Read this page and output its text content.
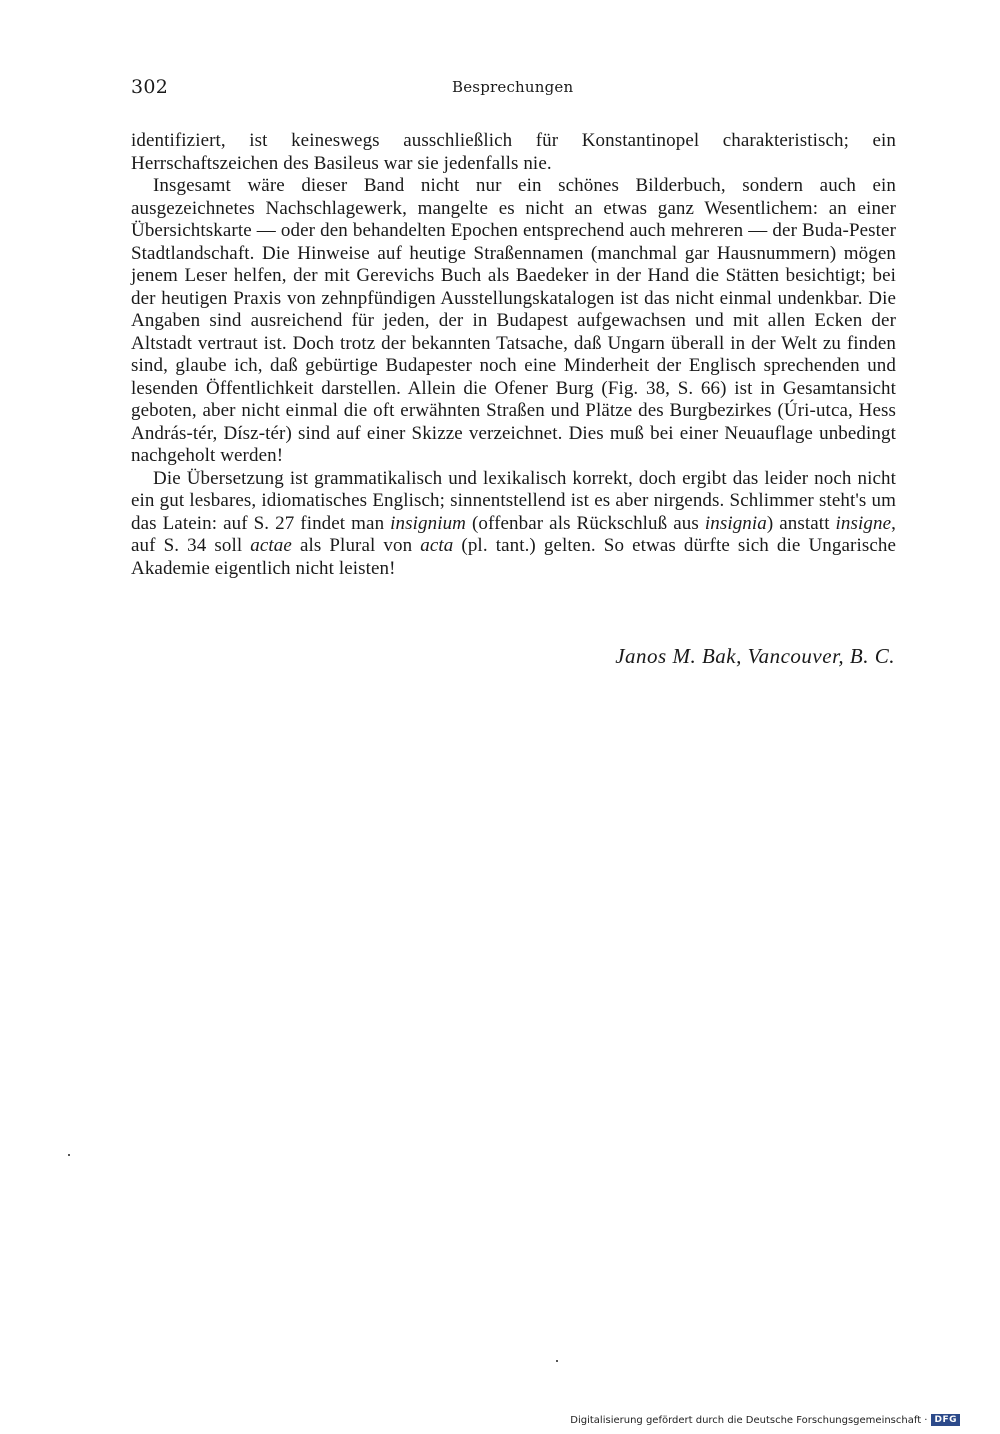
302	Besprechungen

identifiziert, ist keineswegs ausschließlich für Konstantinopel charakteristisch; ein Herrschaftszeichen des Basileus war sie jedenfalls nie.

Insgesamt wäre dieser Band nicht nur ein schönes Bilderbuch, sondern auch ein ausgezeichnetes Nachschlagewerk, mangelte es nicht an etwas ganz Wesentlichem: an einer Übersichtskarte — oder den behandelten Epochen entsprechend auch mehreren — der Buda-Pester Stadtlandschaft. Die Hinweise auf heutige Straßennamen (manchmal gar Hausnummern) mögen jenem Leser helfen, der mit Gerevichs Buch als Baedeker in der Hand die Stätten besichtigt; bei der heutigen Praxis von zehnpfündigen Ausstellungskatalogen ist das nicht einmal undenkbar. Die Angaben sind ausreichend für jeden, der in Budapest aufgewachsen und mit allen Ecken der Altstadt vertraut ist. Doch trotz der bekannten Tatsache, daß Ungarn überall in der Welt zu finden sind, glaube ich, daß gebürtige Budapester noch eine Minderheit der Englisch sprechenden und lesenden Öffentlichkeit darstellen. Allein die Ofener Burg (Fig. 38, S. 66) ist in Gesamtansicht geboten, aber nicht einmal die oft erwähnten Straßen und Plätze des Burgbezirkes (Úri-utca, Hess András-tér, Dísz-tér) sind auf einer Skizze verzeichnet. Dies muß bei einer Neuauflage unbedingt nachgeholt werden!

Die Übersetzung ist grammatikalisch und lexikalisch korrekt, doch ergibt das leider noch nicht ein gut lesbares, idiomatisches Englisch; sinnentstellend ist es aber nirgends. Schlimmer steht's um das Latein: auf S. 27 findet man insignium (offenbar als Rückschluß aus insignia) anstatt insigne, auf S. 34 soll actae als Plural von acta (pl. tant.) gelten. So etwas dürfte sich die Ungarische Akademie eigentlich nicht leisten!

Janos M. Bak, Vancouver, B. C.
Digitalisierung gefördert durch die Deutsche Forschungsgemeinschaft · DFG
